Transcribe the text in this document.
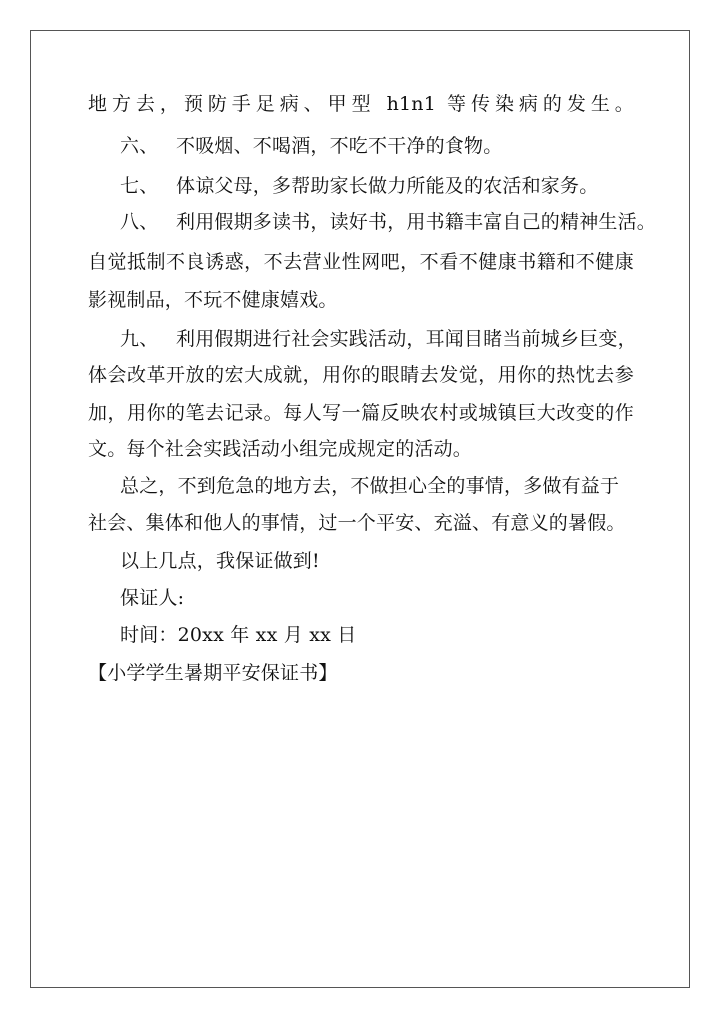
地方去，预防手足病、甲型 h1n1 等传染病的发生。
六、 不吸烟、不喝酒，不吃不干净的食物。
七、 体谅父母，多帮助家长做力所能及的农活和家务。
八、 利用假期多读书，读好书，用书籍丰富自己的精神生活。
自觉抵制不良诱惑，不去营业性网吧，不看不健康书籍和不健康
影视制品，不玩不健康嬉戏。
九、 利用假期进行社会实践活动，耳闻目睹当前城乡巨变，
体会改革开放的宏大成就，用你的眼睛去发觉，用你的热忱去参
加，用你的笔去记录。每人写一篇反映农村或城镇巨大改变的作
文。每个社会实践活动小组完成规定的活动。
总之，不到危急的地方去，不做担心全的事情，多做有益于
社会、集体和他人的事情，过一个平安、充溢、有意义的暑假。
以上几点，我保证做到!
保证人:
时间：20xx 年 xx 月 xx 日
【小学学生暑期平安保证书】
